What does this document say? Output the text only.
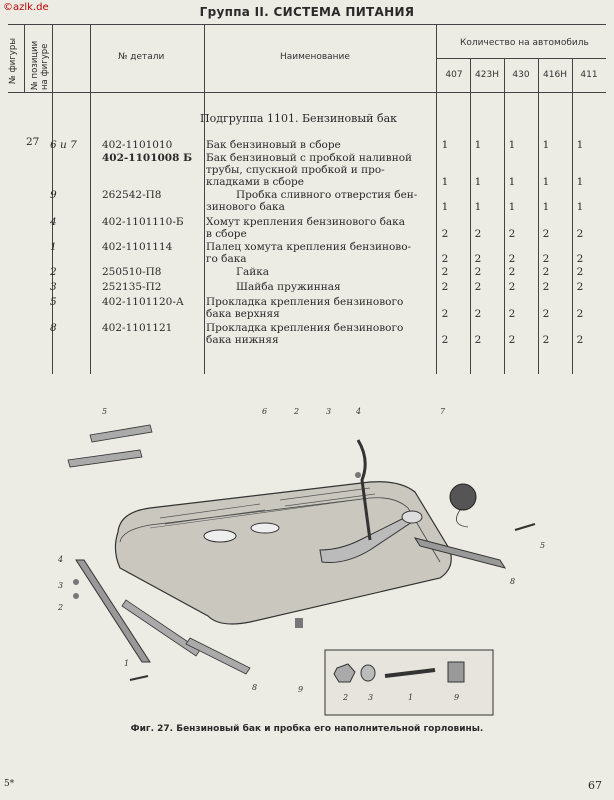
©azlk.de	Группа II. СИСТЕМА ПИТАНИЯ
№ фигуры № позиции на фигуре	№ детали	Наименование
Количество на автомобиль
407	423Н	430	416Н	411
27
Подгруппа 1101. Бензиновый бак
6 и 7 402-1101010	Бак бензиновый в сборе	1	1	1	1	1
402-1101008 Б Бак бензиновый с пробкой наливной
трубы, спускной пробкой и про-
кладками в сборе	1	1	1	1	1
9	262542-П8	Пробка сливного отверстия бен-
зинового бака	1	1	1	1	1
4	402-1101110-Б Хомут крепления бензинового бака
в сборе	2	2	2	2	2
1	402-1101114	Палец хомута крепления бензиново-
го бака	2	2	2	2	2
2	250510-П8	Гайка	2	2	2	2	2
3	252135-П2	Шайба пружинная	2	2	2	2	2
5	402-1101120-А Прокладка крепления бензинового
бака верхняя	2	2	2	2	2
8	402-1101121	Прокладка крепления бензинового
бака нижняя	2	2	2	2	2
5	6	2	3	4	7
8
4
3
2
1
9
8
2 3	1	9
5
Фиг. 27. Бензиновый бак и пробка его наполнительной горловины.
5*	67
